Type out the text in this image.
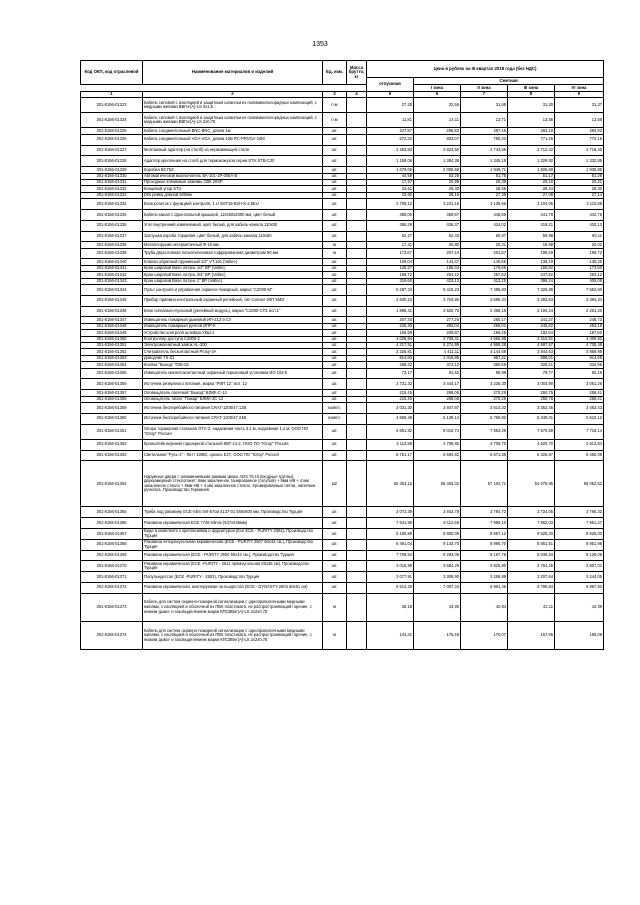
1353
Код ОКП, код отраслевой	Наименование материалов и изделий	Ед. изм.	Масса брутто, кг	Цена в рублях на III квартал 2018 года (без НДС)				
				отпускная	Сметная			
					I зона	II зона	III зона	IV зона
1	2	3	4	5	6	7	8	9
301-8156-01323	Кабель силовой с изоляцией и защитным шлангом из поливинилхлоридных композиций, с медными жилами ВВГнг(А)-LS 3х1,5	п.м		27,28	32,56	31,68	31,30	31,37
301-8156-01324	Кабель силовой с изоляцией и защитным шлангом из поливинилхлоридных композиций, с медными жилами ВВГнг(А)-LS 2х0,75	п.м		11,81	14,11	13,71	13,55	13,58
301-8156-01325	Кабель соединительный BNC-BNC, длина 1м	шт.		247,87	295,83	287,46	284,19	284,92
301-8156-01326	Кабель соединительный VGA-VGA, длина 10м RC-PRVGA-10M	шт.		672,33	803,07	780,33	771,45	773,16
301-8156-01327	Монтажный адаптер (на столб) из нержавеющей стали	шт.		2 363,83	2 823,50	2 743,55	2 712,42	2 718,40
301-8156-01328	Адаптер крепления на столб для термокожухов серии STH STB-C20	шт.		1 159,06	1 384,38	1 345,18	1 329,92	1 332,85
301-8156-01329	Коробка BC75Z	шт.		1 679,06	2 005,50	1 948,71	1 926,60	1 930,85
301-8156-01330	Автоматический выключатель ВА-101-1Р-006А-В	шт.		44,59	53,26	51,75	51,17	51,28
301-8156-01331	Проходные клеммные зажимы СВК 2КЗР	шт.		17,57	20,99	20,39	20,16	20,21
301-8156-01332	Концевой упор STU	шт.		24,61	29,40	28,56	28,24	28,30
301-8156-01333	DIN рейка длиной 600мм	шт.		23,60	28,19	27,39	27,08	27,14
301-8156-01334	Блок розеток с функцией контроля, 1 U SHT19-8SH-S-2.5EU	шт.		2 705,12	3 231,16	3 139,66	3 104,05	3 110,89
301-8156-01335	Кабель-канал с фронтальной крышкой, 110х50х2000 мм, цвет белый	шт.		385,00	459,87	446,85	441,78	442,75
301-8156-01336	Угол внутренний изменяемый, цвет белый, для кабель-канала 110х50	шт.		365,39	436,37	424,02	419,21	420,13
301-8156-01337	Заглушка короба торцевая, цвет белый, для кабель-канала 110х50	шт.		52,27	62,43	60,67	59,98	60,11
301-8156-01338	Металлорукав негерметичный Ф-16 мм	м		17,41	20,80	20,21	19,98	20,02
301-8156-01339	Труба двухслойная полиэтиленовая гофрированная диаметром 90 мм	м		173,67	207,44	201,57	199,28	199,72
301-8156-01340	Клапан обратный пружинный 1/2" VT.161 (Valtec)	шт.		109,04	144,37	140,66	139,19	138,20
301-8156-01341	Кран шаровой Base латунь 1/2" ВР (Valtec)	шт.		136,37	155,34	176,66	160,82	173,60
301-8156-01342	Кран шаровой Base латунь 3/4" ВР (Valtec)	шт.		199,72	264,42	257,62	247,82	253,12
301-8156-01343	Кран шаровой Base латунь 1" ВР (Valtec)	шт.		319,60	423,13	412,25	396,24	405,05
301-8156-01344	Пульт контроля и управления охранно-пожарный, марка "С2000-М"	шт.		6 287,34	8 419,23	7 496,83	7 326,85	7 552,50
301-8156-01345	Прибор приемно-контрольный охранный релейный, тип Сигнал-20П SMD	шт.		2 830,23	3 763,86	3 590,44	3 393,63	3 394,34
301-8156-01346	Блок сигнально-пусковой (релейный модуль), марка "С2000-СП1 исп.1"	шт.		1 888,41	2 520,70	2 365,19	2 194,24	2 261,20
301-8156-01347	Извещатель пожарный дымовой ИП-212-3 СУ	шт.		207,40	277,26	260,17	241,37	248,73
301-8156-01348	Извещатель пожарный ручной ИПР-К	шт.		225,30	282,04	265,01	245,82	253,19
301-8156-01349	Устройство контроля шлейфа УКШ-1	шт.		156,99	209,87	196,25	182,04	187,60
301-8156-01350	Контроллер доступа С2000-2	шт.		3 026,94	3 708,41	3 565,98	3 310,61	3 409,92
301-8156-01351	Электромагнитный замок AL-300	шт.		4 217,51	5 274,99	4 956,28	4 597,57	4 735,48
301-8156-01352	Считыватель бесконтактный Proxy-3А	шт.		3 326,81	4 411,11	4 144,68	3 844,63	3 959,95
301-8156-01353	Доводчик TS-01	шт.		814,80	1 018,85	957,31	888,01	914,65
301-8156-01354	Кнопка "Выход" TDE-02	шт.		298,32	373,12	350,59	325,21	334,96
301-8156-01355	Извещатель магнитоконтактный охранный герконовый установки ИО 102-6	шт.		73,17	91,52	85,99	79,77	82,16
301-8156-01356	Источник резервного питания, марка "РИП 12" исп. 12	шт.		2 731,32	3 444,17	3 236,30	3 003,90	3 061,26
301-8156-01357	Оповещатель светевой "Выход" БЛИК-С-12	шт.		215,45	288,06	270,29	250,75	258,41
301-8156-01358	Оповещатель табло "Пожар" БЛИК-ЗС-12	шт.		215,45	288,06	270,29	250,75	258,41
301-8156-01359	Источник бесперебойного питания CRAT-1200/47 12B	компл.		3 031,30	3 847,87	3 614,32	3 352,45	3 453,43
301-8156-01360	Источник бесперебойного питания CRAT-1200/47 24B	компл.		4 868,49	6 139,14	5 766,82	5 349,01	5 510,12
301-8156-01361	Опора торшерная стальная ОТС-2, надземная часть 3.1 м, подземная 1.2 м, ООО ПО "Югор" Россия	шт.		6 651,82	8 010,74	7 863,29	7 570,69	7 718,14
301-8156-01362	Кронштейн верхний торшерной стальной КВТ-14-2, ООО ПО "Югор" Россия	шт.		4 113,98	4 788,85	4 705,70	4 525,70	4 613,94
301-8156-01363	Светильник "Русь-1" - Литт 100Вт, цоколь Е27, ООО ПО "Югор" Россия	шт.		5 751,17	6 694,62	6 571,39	6 326,87	6 450,09
301-8156-01364	Наружные двери с алюминиевыми рамами Шюко ADS 75.HI (входные группы), двухкамерный стеклопакет: 6мм закаленное тонированное (голубой) + 9мм НВ + 4 мм закаленное стекло + 9мм НВ + 4 мм закаленное стекло. Хромированные петли, наличник ручкатка. Производство Германия	м2		50 363,16	58 453,02	57 104,71	54 675,85	56 052,52
301-8156-01365	Тумба под раковину ECE-Slim Set-57см 4137-01 560х500 мм, Производство Турция	шт.		3 072,39	3 842,78	3 784,72	3 724,05	3 766,32
301-8156-01366	Раковина керамическая ECE 7746-Slimix (537х445мм)	шт.		7 541,85	8 112,68	7 990,10	7 862,03	7 951,27
301-8156-01367	Биде в комплекте с креплениями и фурнитурой (Ece ECE - PURITY 2592), Производство Турция	шт.		8 180,89	8 800,08	8 667,12	8 528,20	8 625,00
301-8156-01368	Раковина четырехугольная керамическая (ECE - PURITY 2507 60х42 см.), Производство Турция	шт.		8 491,04	9 133,70	8 995,70	8 851,51	8 951,98
301-8156-01369	Раковина керамическая (ECE - PURITY 2500 50х42 см.), Производство Турция	шт.		7 709,54	8 293,05	8 167,75	8 036,83	8 128,05
301-8156-01370	Раковина керамическая (ECE -PURITY - 2511 прямоугольная 60х35 см), Производство Турция	шт.		3 016,98	3 584,29	3 825,80	3 764,25	3 807,01
301-8156-01371	Полупьедестал (ECE -PURITY - 2503), Производство Турция	шт.		3 077,91	3 309,90	3 259,89	3 207,64	3 244,05
301-8156-01372	Раковина керамическая, монтируемая на пьедестал (ECE - DYNASTY-2604 60х51 см)	шт.		6 514,29	7 007,34	6 901,46	6 790,84	6 867,93
301-8156-01373	Кабель для систем охранно-пожарной сигнализации с однопроволочными медными жилами, с изоляцией и оболочкой из ПВХ пластиката, не распространяющий горение, с низким дымо- и газовыделением марки КПСВВнг(А)-LS 2х2х0,75	м		36,18	43,90	42,84	42,11	42,39
301-8156-01374	Кабель для систем охранно-пожарной сигнализации с однопроволочными медными жилами, с изоляцией и оболочкой из ПВХ пластиката, не распространяющий горение, с низким дымо- и газовыделением марки КПСВВнг(А)-LS 2х2х0,75	м		144,31	175,48	170,07	167,96	169,09
